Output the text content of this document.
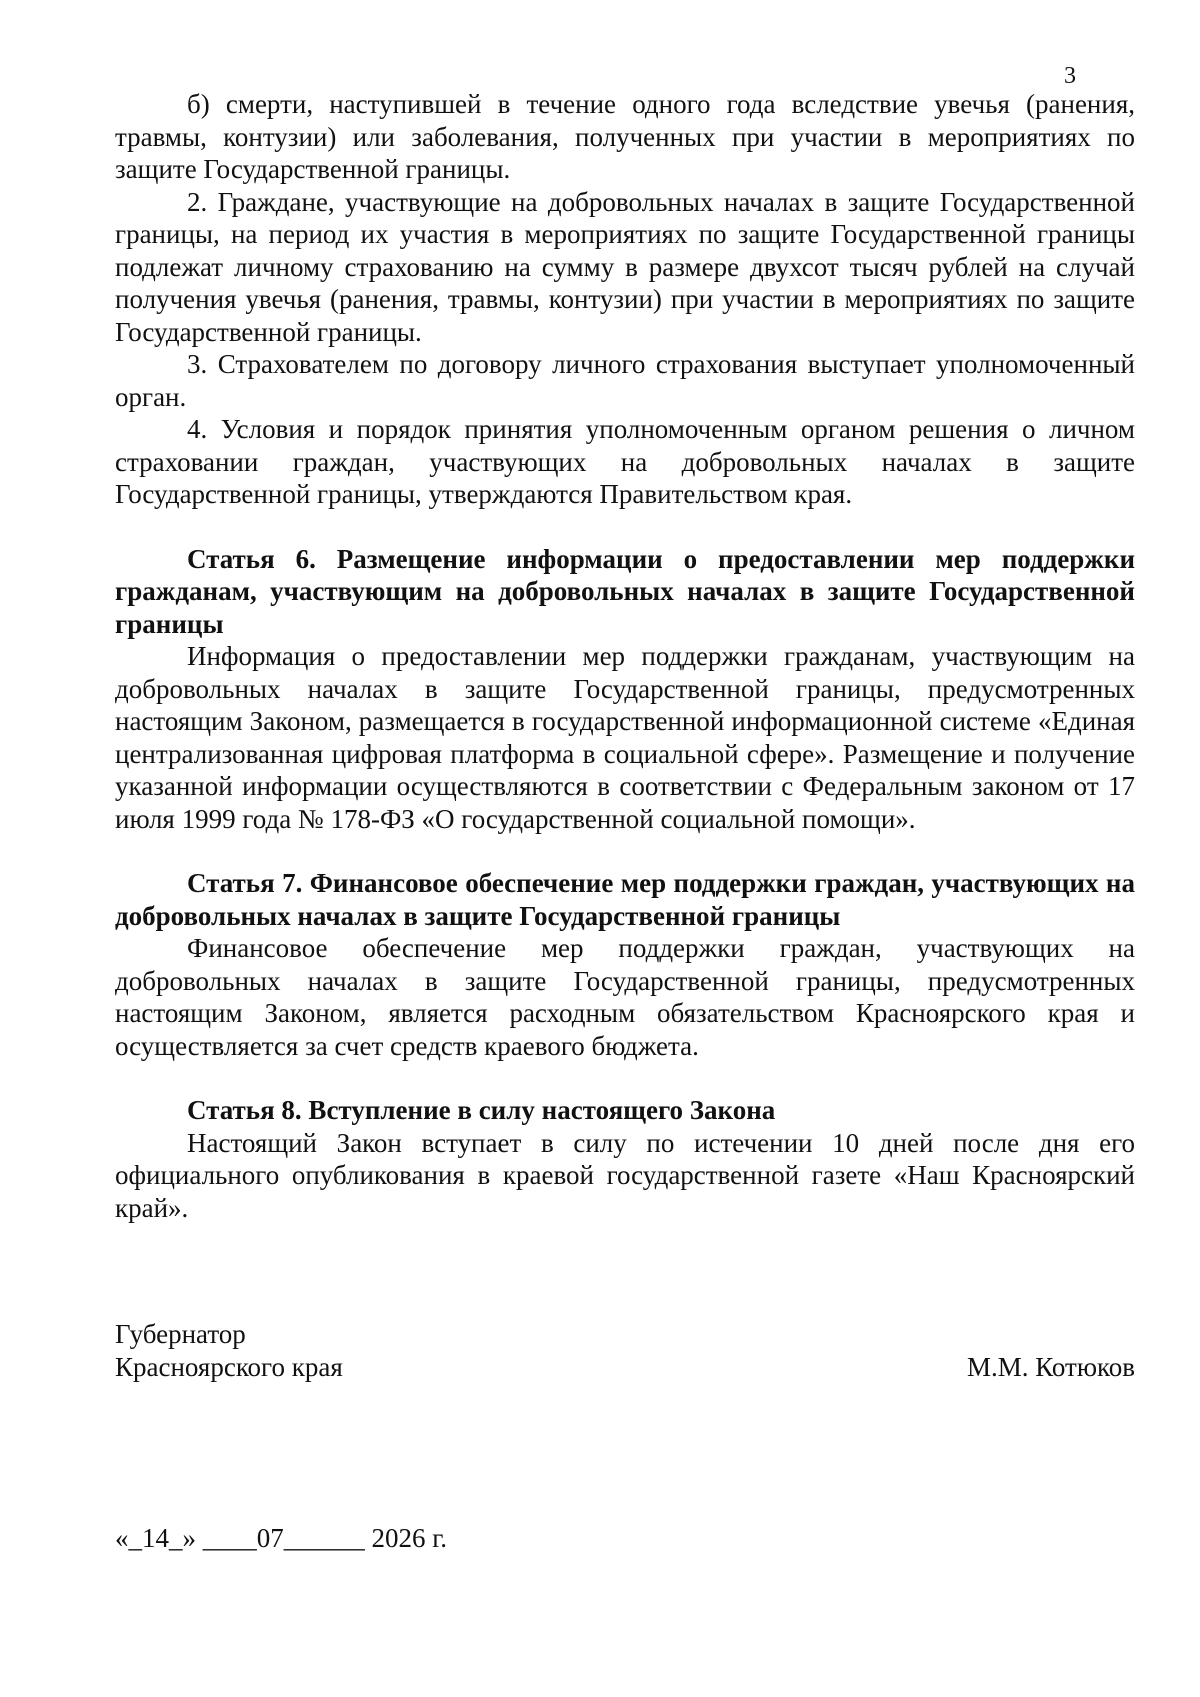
3

б) смерти, наступившей в течение одного года вследствие увечья (ранения, травмы, контузии) или заболевания, полученных при участии в мероприятиях по защите Государственной границы.

2. Граждане, участвующие на добровольных началах в защите Государственной границы, на период их участия в мероприятиях по защите Государственной границы подлежат личному страхованию на сумму в размере двухсот тысяч рублей на случай получения увечья (ранения, травмы, контузии) при участии в мероприятиях по защите Государственной границы.

3. Страхователем по договору личного страхования выступает уполномоченный орган.

4. Условия и порядок принятия уполномоченным органом решения о личном страховании граждан, участвующих на добровольных началах в защите Государственной границы, утверждаются Правительством края.

Статья 6. Размещение информации о предоставлении мер поддержки гражданам, участвующим на добровольных началах в защите Государственной границы

Информация о предоставлении мер поддержки гражданам, участвующим на добровольных началах в защите Государственной границы, предусмотренных настоящим Законом, размещается в государственной информационной системе «Единая централизованная цифровая платформа в социальной сфере». Размещение и получение указанной информации осуществляются в соответствии с Федеральным законом от 17 июля 1999 года № 178-ФЗ «О государственной социальной помощи».

Статья 7. Финансовое обеспечение мер поддержки граждан, участвующих на добровольных началах в защите Государственной границы

Финансовое обеспечение мер поддержки граждан, участвующих на добровольных началах в защите Государственной границы, предусмотренных настоящим Законом, является расходным обязательством Красноярского края и осуществляется за счет средств краевого бюджета.

Статья 8. Вступление в силу настоящего Закона

Настоящий Закон вступает в силу по истечении 10 дней после дня его официального опубликования в краевой государственной газете «Наш Красноярский край».

Губернатор
Красноярского края	М.М. Котюков
«_14_» ____07______ 2026 г.
